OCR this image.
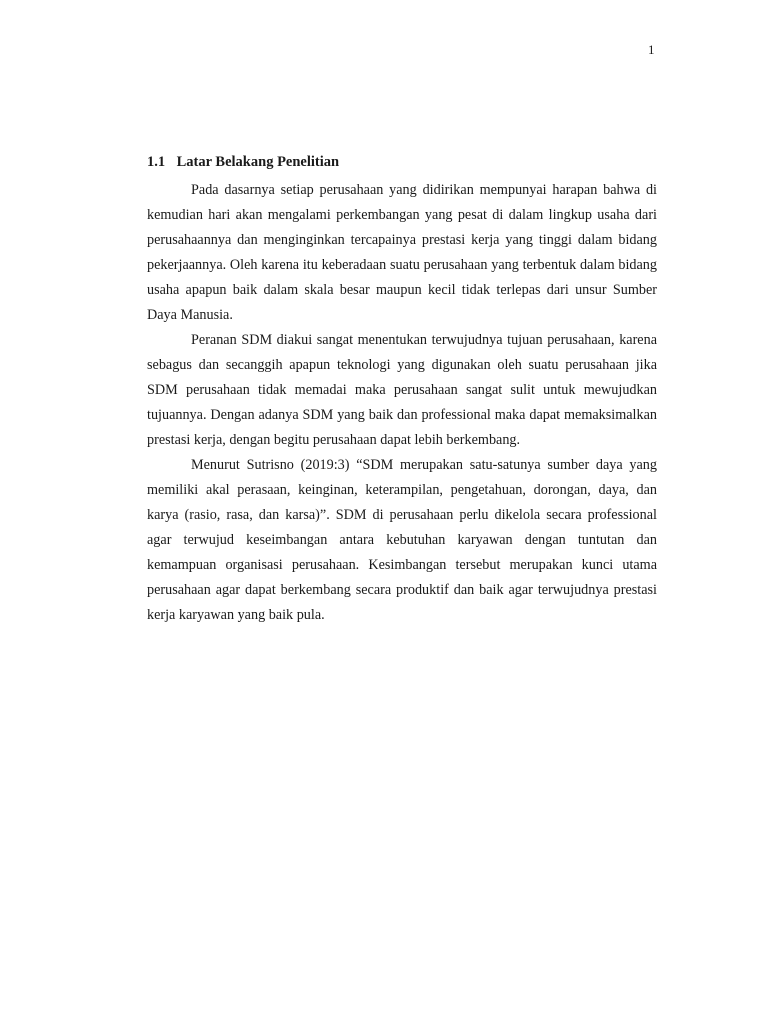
1
1.1 Latar Belakang Penelitian

Pada dasarnya setiap perusahaan yang didirikan mempunyai harapan bahwa di kemudian hari akan mengalami perkembangan yang pesat di dalam lingkup usaha dari perusahaannya dan menginginkan tercapainya prestasi kerja yang tinggi dalam bidang pekerjaannya. Oleh karena itu keberadaan suatu perusahaan yang terbentuk dalam bidang usaha apapun baik dalam skala besar maupun kecil tidak terlepas dari unsur Sumber Daya Manusia.

Peranan SDM diakui sangat menentukan terwujudnya tujuan perusahaan, karena sebagus dan secanggih apapun teknologi yang digunakan oleh suatu perusahaan jika SDM perusahaan tidak memadai maka perusahaan sangat sulit untuk mewujudkan tujuannya. Dengan adanya SDM yang baik dan professional maka dapat memaksimalkan prestasi kerja, dengan begitu perusahaan dapat lebih berkembang.

Menurut Sutrisno (2019:3) “SDM merupakan satu-satunya sumber daya yang memiliki akal perasaan, keinginan, keterampilan, pengetahuan, dorongan, daya, dan karya (rasio, rasa, dan karsa)”. SDM di perusahaan perlu dikelola secara professional agar terwujud keseimbangan antara kebutuhan karyawan dengan tuntutan dan kemampuan organisasi perusahaan. Kesimbangan tersebut merupakan kunci utama perusahaan agar dapat berkembang secara produktif dan baik agar terwujudnya prestasi kerja karyawan yang baik pula.
